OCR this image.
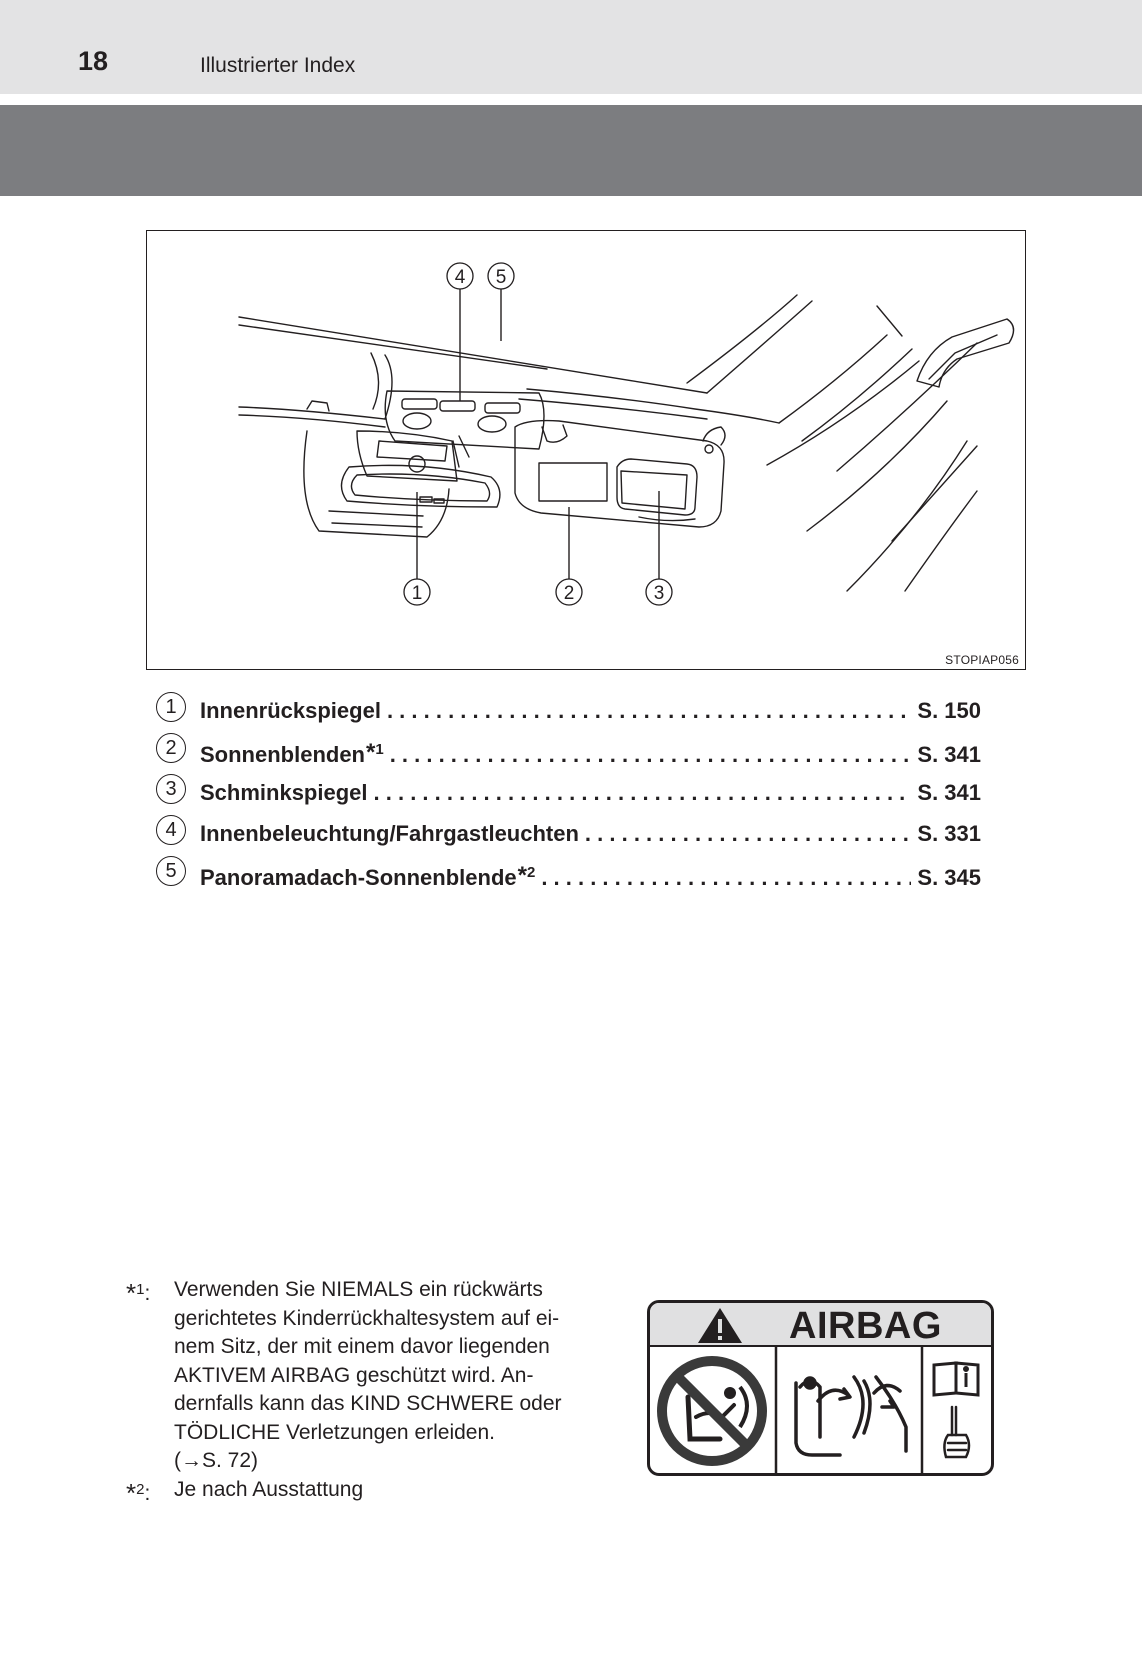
18	Illustrierter Index
4 5
1	2	3
STOPIAP056
1	Innenrückspiegel . . .	S. 150
2	Sonnenblenden$^{*1}$ . . .	S. 341
3	Schminkspiegel . . .	S. 341
4	Innenbeleuchtung/Fahrgastleuchten . . .	S. 331
5	Panoramadach-Sonnenblende$^{*2}$ . . .	S. 345
*$^1$: Verwenden Sie NIEMALS ein rückwärts
gerichtetes Kinderrückhaltesystem auf ei-
nem Sitz, der mit einem davor liegenden
AKTIVEM AIRBAG geschützt wird. An-
dernfalls kann das KIND SCHWERE oder
TÖDLICHE Verletzungen erleiden.
(→S. 72)
*$^2$: Je nach Ausstattung
AIRBAG
